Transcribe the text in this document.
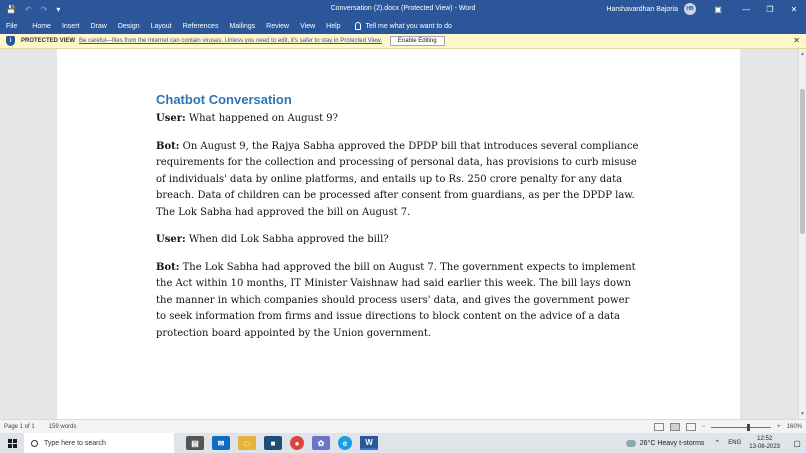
💾 ↶ ↷ ▾	Conversation (2).docx (Protected View) - Word	Harshavardhan Bajoria	HB	▣	—	❐	✕
File Home Insert Draw Design Layout References Mailings Review View Help	Tell me what you want to do
i	PROTECTED VIEW Be careful—files from the Internet can contain viruses. Unless you need to edit, it's safer to stay in Protected View.	Enable Editing	✕
Chatbot Conversation
User: What happened on August 9?
Bot: On August 9, the Rajya Sabha approved the DPDP bill that introduces several compliance requirements for the collection and processing of personal data, has provisions to curb misuse of individuals' data by online platforms, and entails up to Rs. 250 crore penalty for any data breach. Data of children can be processed after consent from guardians, as per the DPDP law. The Lok Sabha had approved the bill on August 7.
User: When did Lok Sabha approved the bill?
Bot: The Lok Sabha had approved the bill on August 7. The government expects to implement the Act within 10 months, IT Minister Vaishnaw had said earlier this week. The bill lays down the manner in which companies should process users' data, and gives the government power to seek information from firms and issue directions to block content on the advice of a data protection board appointed by the Union government.
▲
▼
Page 1 of 1 159 words	−	+ 160%
Type here to search	▤	✉	□	■	●	✿	e	W	26°C Heavy t-storms ⌃ ENG
12:52
13-08-2023	▢
